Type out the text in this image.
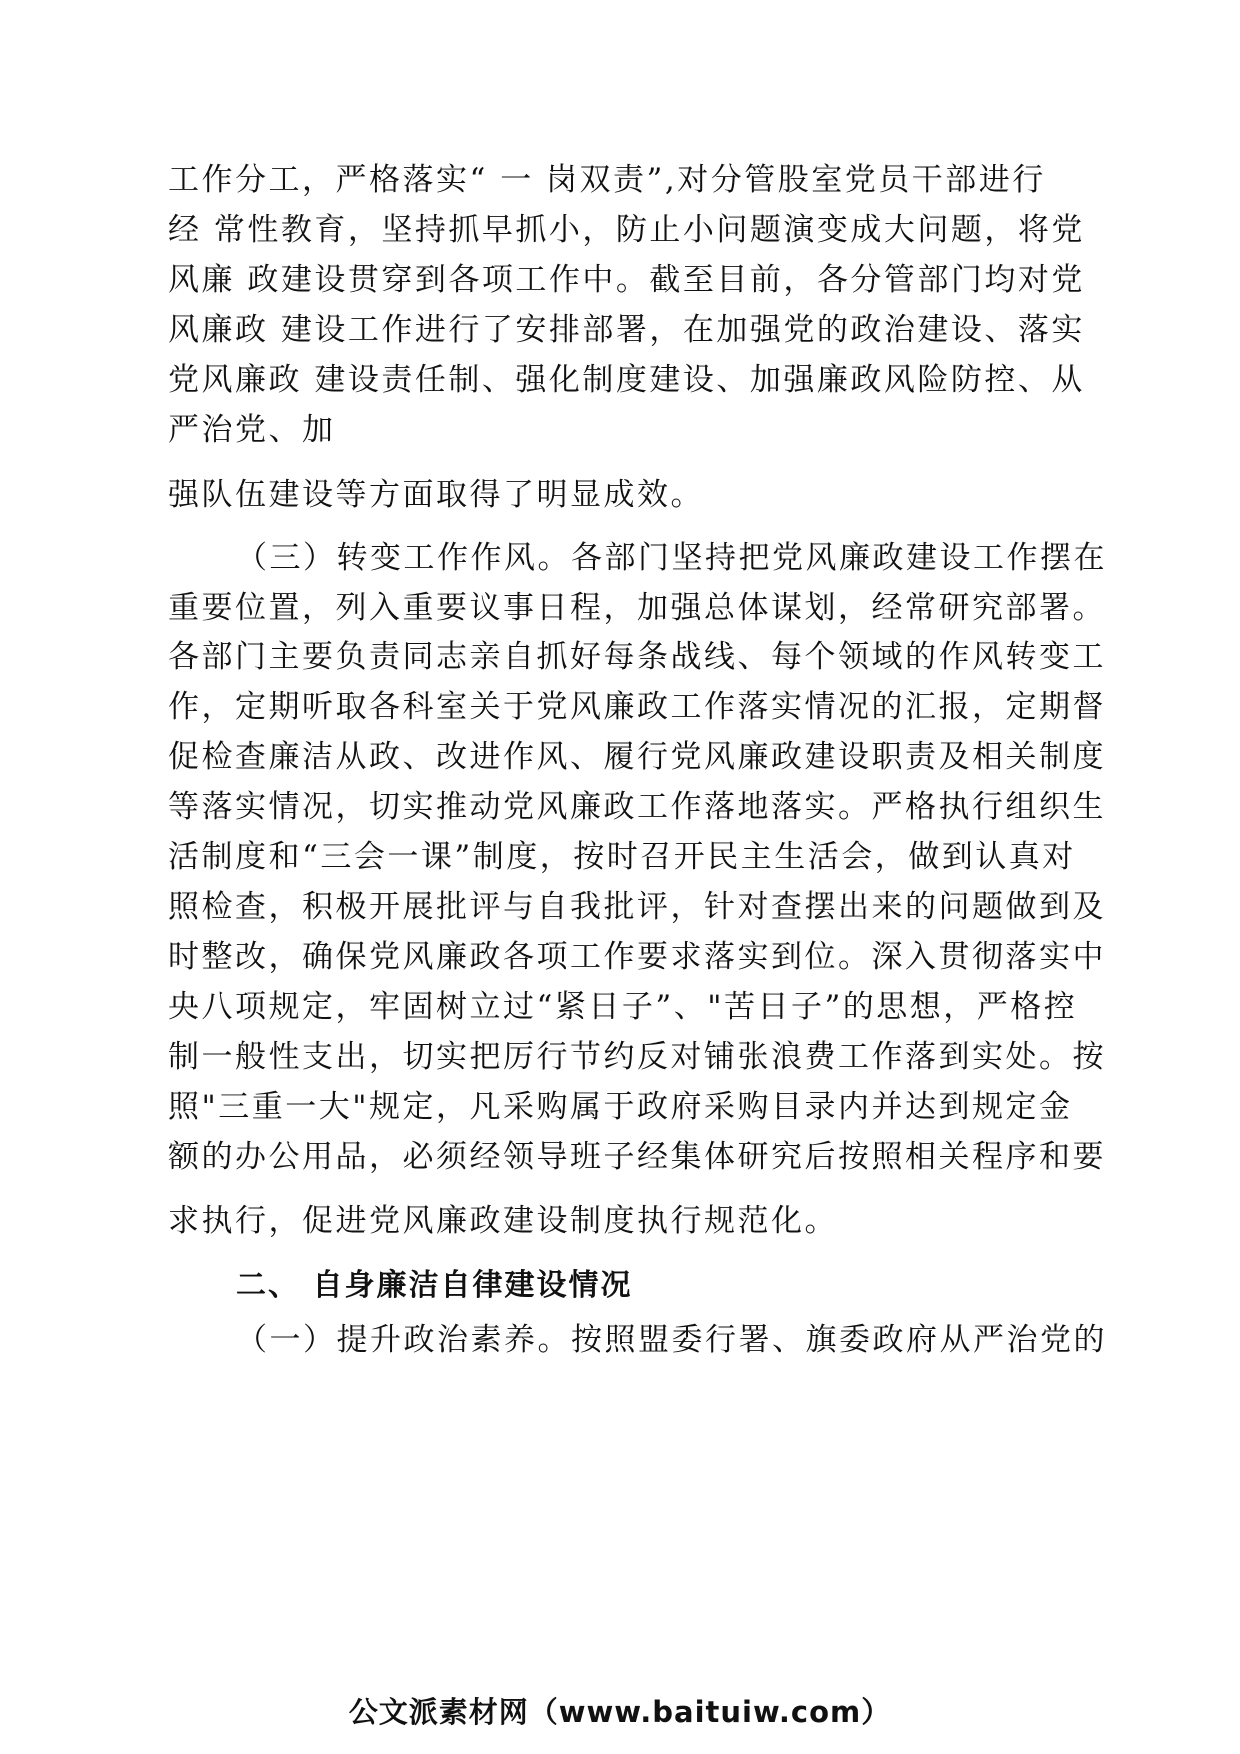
工作分工，严格落实“ 一 岗双责”,对分管股室党员干部进行
经 常性教育，坚持抓早抓小，防止小问题演变成大问题，将党
风廉 政建设贯穿到各项工作中。截至目前，各分管部门均对党
风廉政 建设工作进行了安排部署，在加强党的政治建设、落实
党风廉政 建设责任制、强化制度建设、加强廉政风险防控、从
严治党、加
强队伍建设等方面取得了明显成效。
（三）转变工作作风。各部门坚持把党风廉政建设工作摆在
重要位置，列入重要议事日程，加强总体谋划，经常研究部署。
各部门主要负责同志亲自抓好每条战线、每个领域的作风转变工
作，定期听取各科室关于党风廉政工作落实情况的汇报，定期督
促检查廉洁从政、改进作风、履行党风廉政建设职责及相关制度
等落实情况，切实推动党风廉政工作落地落实。严格执行组织生
活制度和“三会一课”制度，按时召开民主生活会，做到认真对
照检查，积极开展批评与自我批评，针对查摆出来的问题做到及
时整改，确保党风廉政各项工作要求落实到位。深入贯彻落实中
央八项规定，牢固树立过“紧日子”、"苦日子”的思想，严格控
制一般性支出，切实把厉行节约反对铺张浪费工作落到实处。按
照"三重一大"规定，凡采购属于政府采购目录内并达到规定金
额的办公用品，必须经领导班子经集体研究后按照相关程序和要
求执行，促进党风廉政建设制度执行规范化。
二、 自身廉洁自律建设情况
（一）提升政治素养。按照盟委行署、旗委政府从严治党的
公文派素材网（www.baituiw.com）
